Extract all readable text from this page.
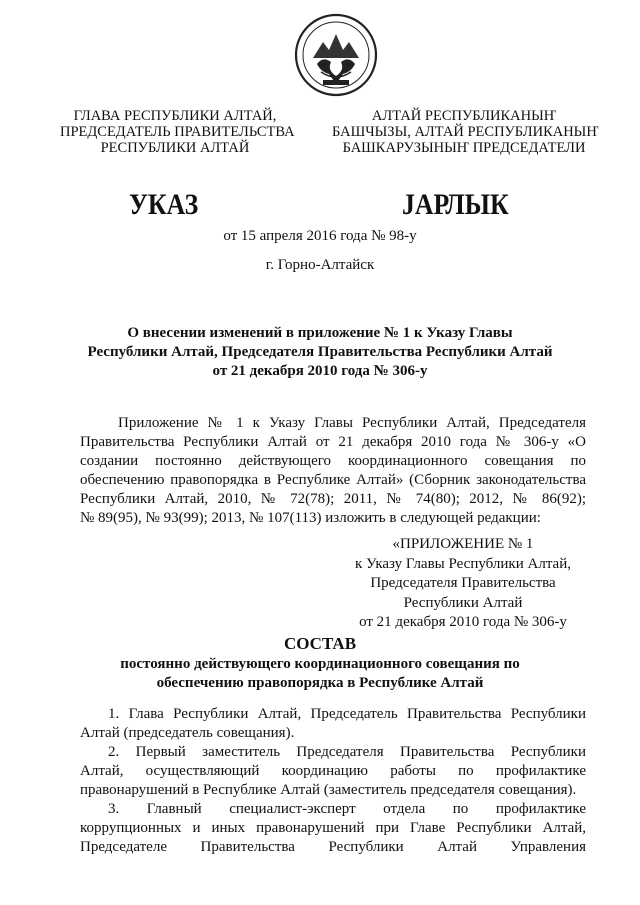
ГЛАВА РЕСПУБЛИКИ АЛТАЙ,
ПРЕДСЕДАТЕЛЬ ПРАВИТЕЛЬСТВА
РЕСПУБЛИКИ АЛТАЙ
АЛТАЙ РЕСПУБЛИКАНЫҤ
БАШЧЫЗЫ, АЛТАЙ РЕСПУБЛИКАНЫҤ
БАШКАРУЗЫНЫҤ ПРЕДСЕДАТЕЛИ
УКАЗ	ЈАРЛЫК
от 15 апреля 2016 года № 98-у
г. Горно-Алтайск
О внесении изменений в приложение № 1 к Указу Главы
Республики Алтай, Председателя Правительства Республики Алтай
от 21 декабря 2010 года № 306-у
Приложение № 1 к Указу Главы Республики Алтай, Председателя
Правительства Республики Алтай от 21 декабря 2010 года № 306-у «О
создании постоянно действующего координационного совещания по
обеспечению правопорядка в Республике Алтай» (Сборник законодательства
Республики Алтай, 2010, № 72(78); 2011, № 74(80); 2012, № 86(92);
№ 89(95), № 93(99); 2013, № 107(113) изложить в следующей редакции:
«ПРИЛОЖЕНИЕ № 1
к Указу Главы Республики Алтай,
Председателя Правительства
Республики Алтай
от 21 декабря 2010 года № 306-у
СОСТАВ
постоянно действующего координационного совещания по
обеспечению правопорядка в Республике Алтай
1. Глава Республики Алтай, Председатель Правительства Республики
Алтай (председатель совещания).
2. Первый заместитель Председателя Правительства Республики
Алтай, осуществляющий координацию работы по профилактике
правонарушений в Республике Алтай (заместитель председателя совещания).
3. Главный специалист-эксперт отдела по профилактике
коррупционных и иных правонарушений при Главе Республики Алтай,
Председателе Правительства Республики Алтай Управления
